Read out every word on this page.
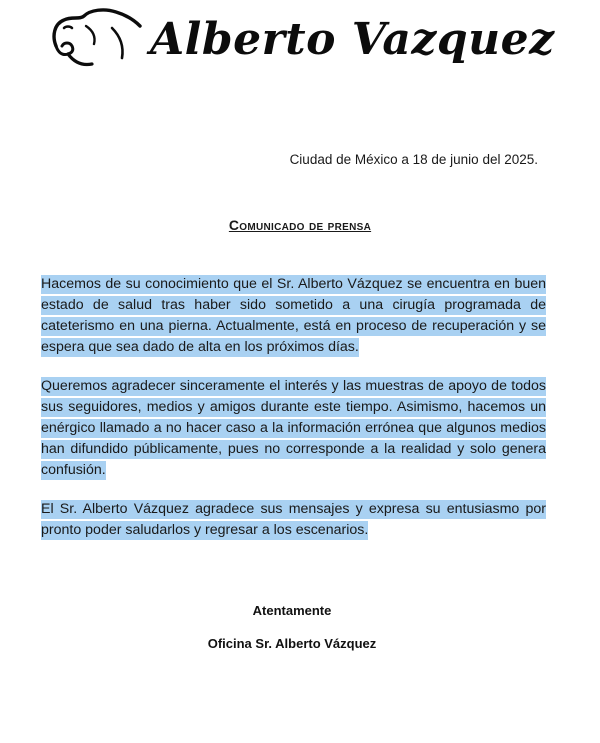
Alberto Vazquez
Ciudad de México a 18 de junio del 2025.
Comunicado de prensa
Hacemos de su conocimiento que el Sr. Alberto Vázquez se encuentra en buen estado de salud tras haber sido sometido a una cirugía programada de cateterismo en una pierna. Actualmente, está en proceso de recuperación y se espera que sea dado de alta en los próximos días.
Queremos agradecer sinceramente el interés y las muestras de apoyo de todos sus seguidores, medios y amigos durante este tiempo. Asimismo, hacemos un enérgico llamado a no hacer caso a la información errónea que algunos medios han difundido públicamente, pues no corresponde a la realidad y solo genera confusión.
El Sr. Alberto Vázquez agradece sus mensajes y expresa su entusiasmo por pronto poder saludarlos y regresar a los escenarios.
Atentamente
Oficina Sr. Alberto Vázquez
